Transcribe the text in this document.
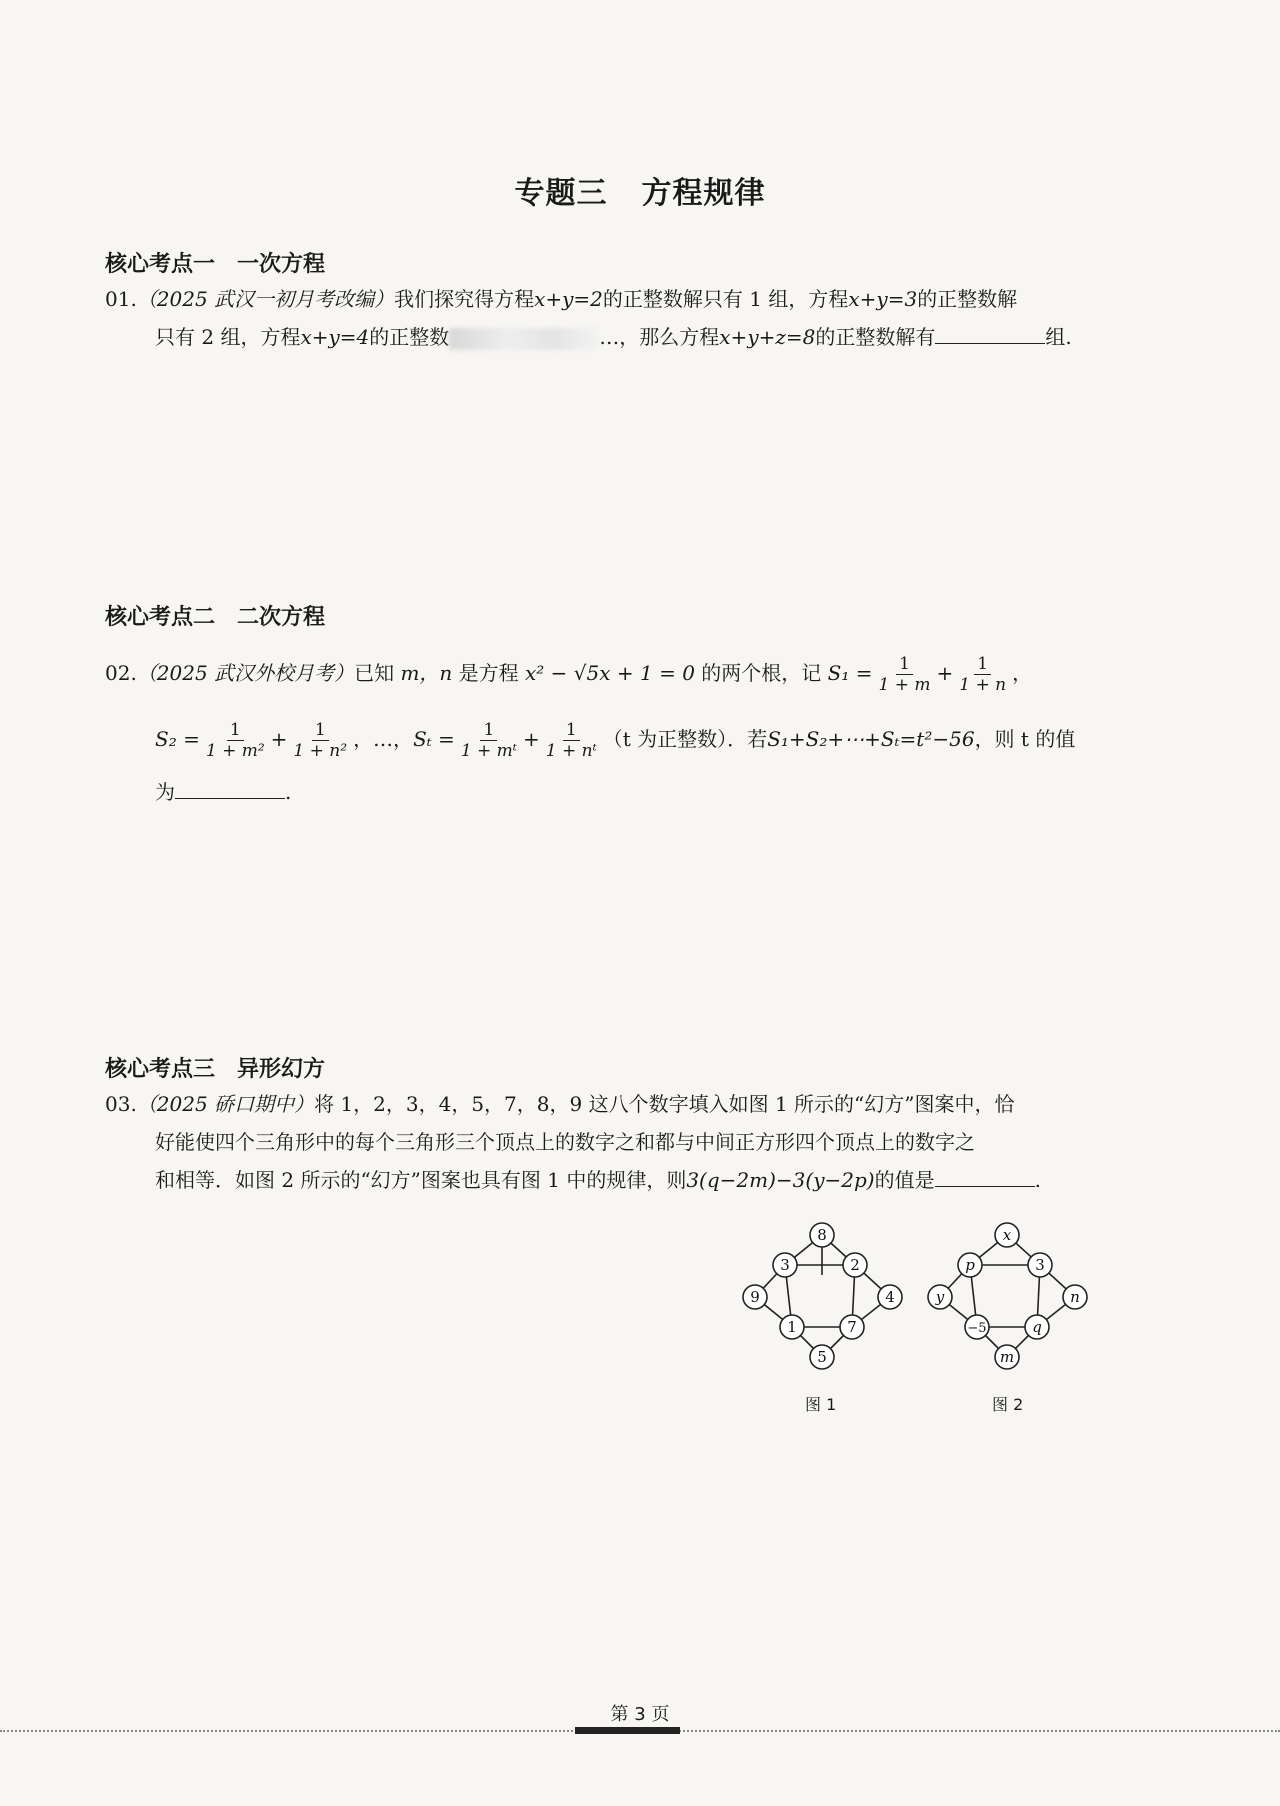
专题三 方程规律
核心考点一 一次方程
01.（2025 武汉一初月考改编）我们探究得方程x+y=2的正整数解只有 1 组，方程x+y=3的正整数解
只有 2 组，方程x+y=4的正整数	…，那么方程x+y+z=8的正整数解有	组.
核心考点二 二次方程
02.（2025 武汉外校月考）已知 m，n 是方程 x² − √5x + 1 = 0 的两个根，记 $S_1 = \frac{1}{1 + m} + \frac{1}{1 + n}$ ，
$S_2 = \frac{1}{\text{1 + m²}} + \frac{1}{\text{1 + n²}}$ ，…，$S_t = \frac{1}{\text{1 + mᵗ}} + \frac{1}{\text{1 + nᵗ}} (t$ 为正整数）．若S₁+S₂+⋯+Sₜ=t²−56，则 t 的值
为	.
核心考点三 异形幻方
03.（2025 硚口期中）将 1，2，3，4，5，7，8，9 这八个数字填入如图 1 所示的“幻方”图案中，恰
好能使四个三角形中的每个三角形三个顶点上的数字之和都与中间正方形四个顶点上的数字之
和相等．如图 2 所示的“幻方”图案也具有图 1 中的规律，则3(q−2m)−3(y−2p)的值是	.
8
3	2
9	4
1	7
5
图 1
x
p	3
y	n
−5	q
m
图 2
第 3 页
